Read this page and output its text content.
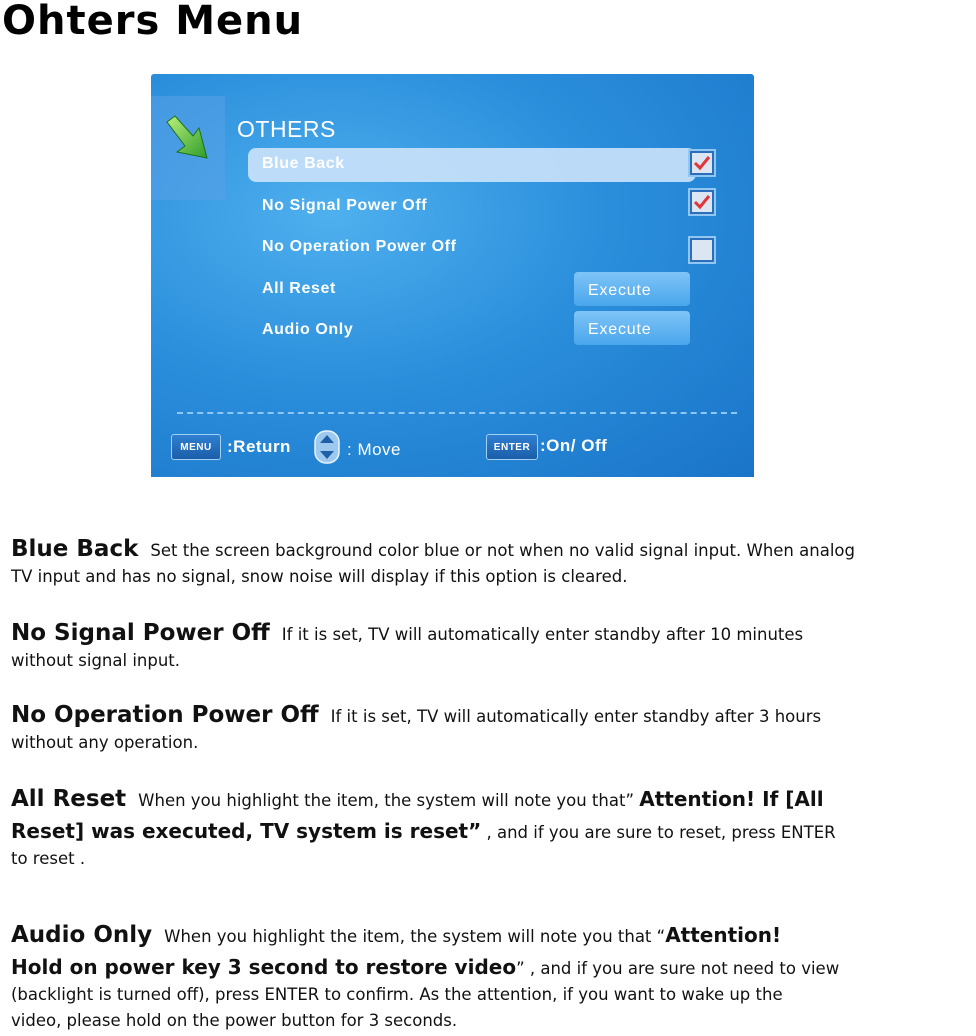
Ohters Menu
OTHERS
Blue Back
No Signal Power Off
No Operation Power Off
All Reset	Execute
Audio Only	Execute
MENU :Return	: Move	ENTER :On/ Off
Blue Back Set the screen background color blue or not when no valid signal input. When analog
TV input and has no signal, snow noise will display if this option is cleared.
No Signal Power Off If it is set, TV will automatically enter standby after 10 minutes
without signal input.
No Operation Power Off If it is set, TV will automatically enter standby after 3 hours
without any operation.
All Reset When you highlight the item, the system will note you that” Attention! If [All
Reset] was executed, TV system is reset” , and if you are sure to reset, press ENTER
to reset .
Audio Only When you highlight the item, the system will note you that “Attention!
Hold on power key 3 second to restore video” , and if you are sure not need to view
(backlight is turned off), press ENTER to confirm. As the attention, if you want to wake up the
video, please hold on the power button for 3 seconds.
